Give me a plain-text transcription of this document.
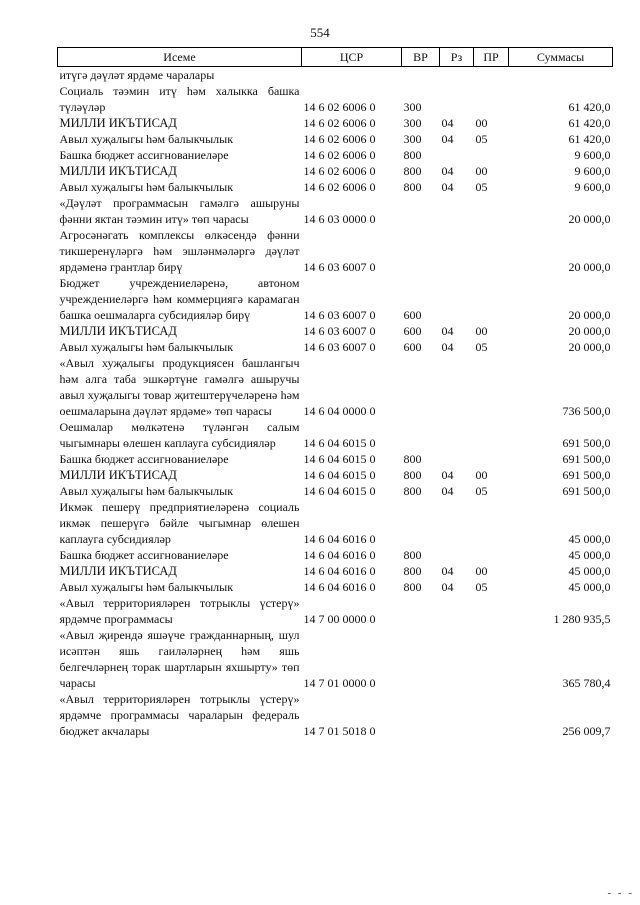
554
Исеме	ЦСР	ВР	Рз	ПР	Суммасы
итүгә дәүләт ярдәме чаралары					
Социаль тәэмин итү һәм халыкка башка түләүләр	14 6 02 6006 0	300			61 420,0
МИЛЛИ ИКЪТИСАД	14 6 02 6006 0	300	04	00	61 420,0
Авыл хуҗалыгы һәм балыкчылык	14 6 02 6006 0	300	04	05	61 420,0
Башка бюджет ассигнованиеләре	14 6 02 6006 0	800			9 600,0
МИЛЛИ ИКЪТИСАД	14 6 02 6006 0	800	04	00	9 600,0
Авыл хуҗалыгы һәм балыкчылык	14 6 02 6006 0	800	04	05	9 600,0
«Дәүләт программасын гамәлгә ашыруны фәнни яктан тәэмин итү» төп чарасы	14 6 03 0000 0				20 000,0
Агросәнәгать комплексы өлкәсендә фәнни тикшеренүләргә һәм эшләнмәләргә дәүләт ярдәменә грантлар бирү	14 6 03 6007 0				20 000,0
Бюджет учреждениеләренә, автоном учреждениеләргә һәм коммерциягә карамаган башка оешмаларга субсидияләр бирү	14 6 03 6007 0	600			20 000,0
МИЛЛИ ИКЪТИСАД	14 6 03 6007 0	600	04	00	20 000,0
Авыл хуҗалыгы һәм балыкчылык	14 6 03 6007 0	600	04	05	20 000,0
«Авыл хуҗалыгы продукциясен башлангыч һәм алга таба эшкәртүне гамәлгә ашыручы авыл хуҗалыгы товар җитештерүчеләренә һәм оешмаларына дәүләт ярдәме» төп чарасы	14 6 04 0000 0				736 500,0
Оешмалар мөлкәтенә түләнгән салым чыгымнары өлешен каплауга субсидияләр	14 6 04 6015 0				691 500,0
Башка бюджет ассигнованиеләре	14 6 04 6015 0	800			691 500,0
МИЛЛИ ИКЪТИСАД	14 6 04 6015 0	800	04	00	691 500,0
Авыл хуҗалыгы һәм балыкчылык	14 6 04 6015 0	800	04	05	691 500,0
Икмәк пешерү предприятиеләренә социаль икмәк пешерүгә бәйле чыгымнар өлешен каплауга субсидияләр	14 6 04 6016 0				45 000,0
Башка бюджет ассигнованиеләре	14 6 04 6016 0	800			45 000,0
МИЛЛИ ИКЪТИСАД	14 6 04 6016 0	800	04	00	45 000,0
Авыл хуҗалыгы һәм балыкчылык	14 6 04 6016 0	800	04	05	45 000,0
«Авыл территорияләрен тотрыклы үстерү» ярдәмче программасы	14 7 00 0000 0				1 280 935,5
«Авыл җирендә яшәүче гражданнарның, шул исәптән яшь гаиләләрнең һәм яшь белгечләрнең торак шартларын яхшырту» төп чарасы	14 7 01 0000 0				365 780,4
«Авыл территорияләрен тотрыклы үстерү» ярдәмче программасы чараларын федераль бюджет акчалары	14 7 01 5018 0				256 009,7
- - -
